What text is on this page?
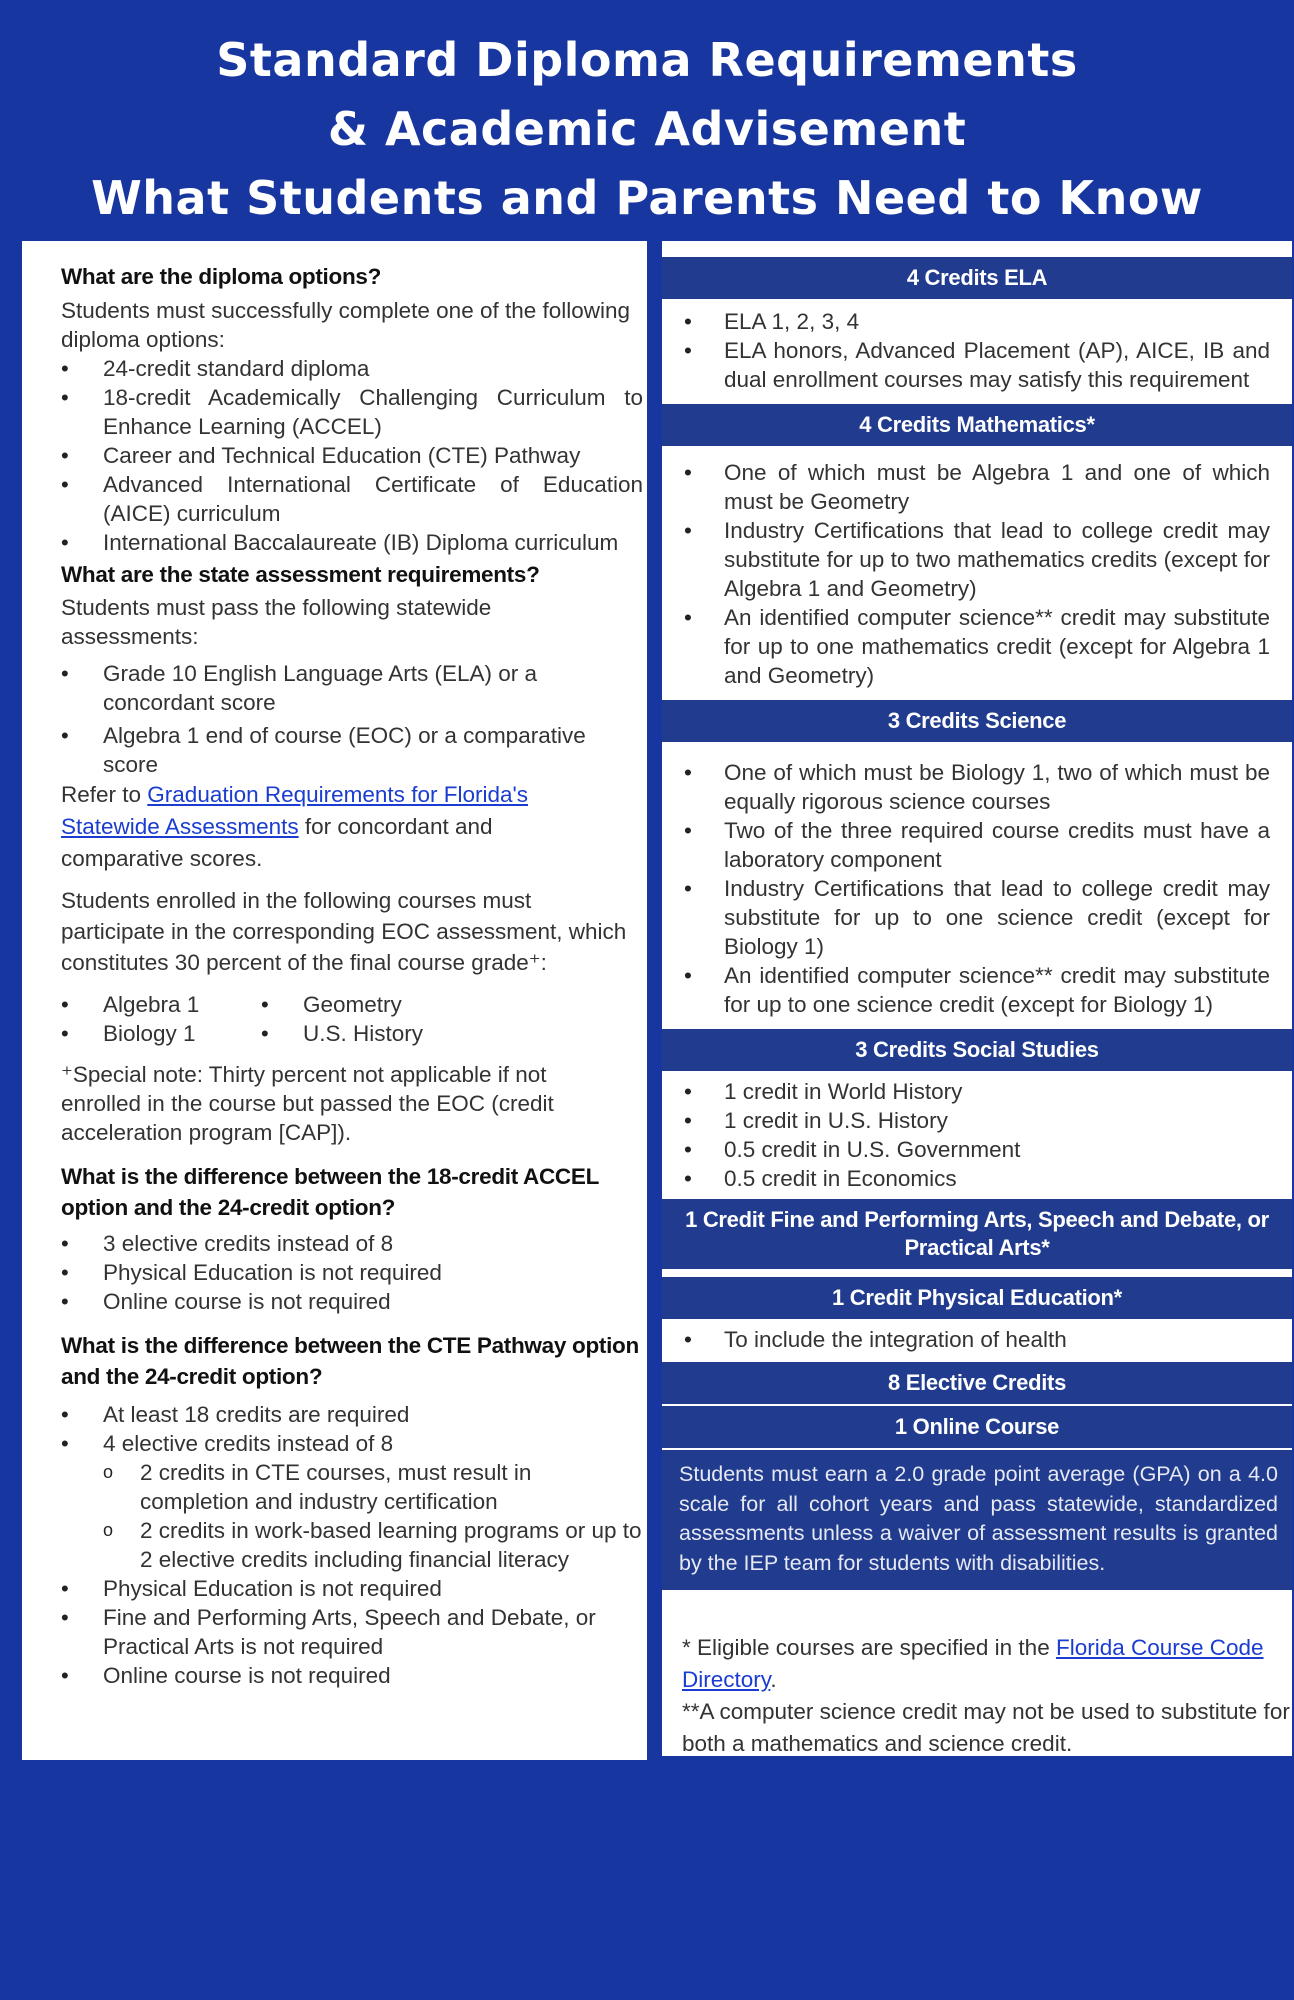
Standard Diploma Requirements
& Academic Advisement
What Students and Parents Need to Know
What are the diploma options?

Students must successfully complete one of the following diploma options:

• 24-credit standard diploma
• 18-credit Academically Challenging Curriculum to Enhance Learning (ACCEL)
• Career and Technical Education (CTE) Pathway
• Advanced International Certificate of Education (AICE) curriculum
• International Baccalaureate (IB) Diploma curriculum
What are the state assessment requirements?

Students must pass the following statewide assessments:

• Grade 10 English Language Arts (ELA) or a concordant score
• Algebra 1 end of course (EOC) or a comparative score

Refer to Graduation Requirements for Florida's Statewide Assessments for concordant and comparative scores.

Students enrolled in the following courses must participate in the corresponding EOC assessment, which constitutes 30 percent of the final course grade⁺:

• Algebra 1
• Biology 1
• Geometry
• U.S. History

⁺Special note: Thirty percent not applicable if not enrolled in the course but passed the EOC (credit acceleration program [CAP]).

What is the difference between the 18-credit ACCEL option and the 24-credit option?
• 3 elective credits instead of 8
• Physical Education is not required
• Online course is not required
What is the difference between the CTE Pathway option and the 24-credit option?
• At least 18 credits are required
• 4 elective credits instead of 8
o 2 credits in CTE courses, must result in completion and industry certification
o 2 credits in work-based learning programs or up to 2 elective credits including financial literacy
• Physical Education is not required
• Fine and Performing Arts, Speech and Debate, or Practical Arts is not required
• Online course is not required
4 Credits ELA
• ELA 1, 2, 3, 4
• ELA honors, Advanced Placement (AP), AICE, IB and dual enrollment courses may satisfy this requirement
4 Credits Mathematics*
• One of which must be Algebra 1 and one of which must be Geometry
• Industry Certifications that lead to college credit may substitute for up to two mathematics credits (except for Algebra 1 and Geometry)
• An identified computer science** credit may substitute for up to one mathematics credit (except for Algebra 1 and Geometry)
3 Credits Science
• One of which must be Biology 1, two of which must be equally rigorous science courses
• Two of the three required course credits must have a laboratory component
• Industry Certifications that lead to college credit may substitute for up to one science credit (except for Biology 1)
• An identified computer science** credit may substitute for up to one science credit (except for Biology 1)
3 Credits Social Studies
• 1 credit in World History
• 1 credit in U.S. History
• 0.5 credit in U.S. Government
• 0.5 credit in Economics
1 Credit Fine and Performing Arts, Speech and Debate, or Practical Arts*
1 Credit Physical Education*
• To include the integration of health
8 Elective Credits
1 Online Course
Students must earn a 2.0 grade point average (GPA) on a 4.0 scale for all cohort years and pass statewide, standardized assessments unless a waiver of assessment results is granted by the IEP team for students with disabilities.

* Eligible courses are specified in the Florida Course Code Directory.

**A computer science credit may not be used to substitute for both a mathematics and science credit.
